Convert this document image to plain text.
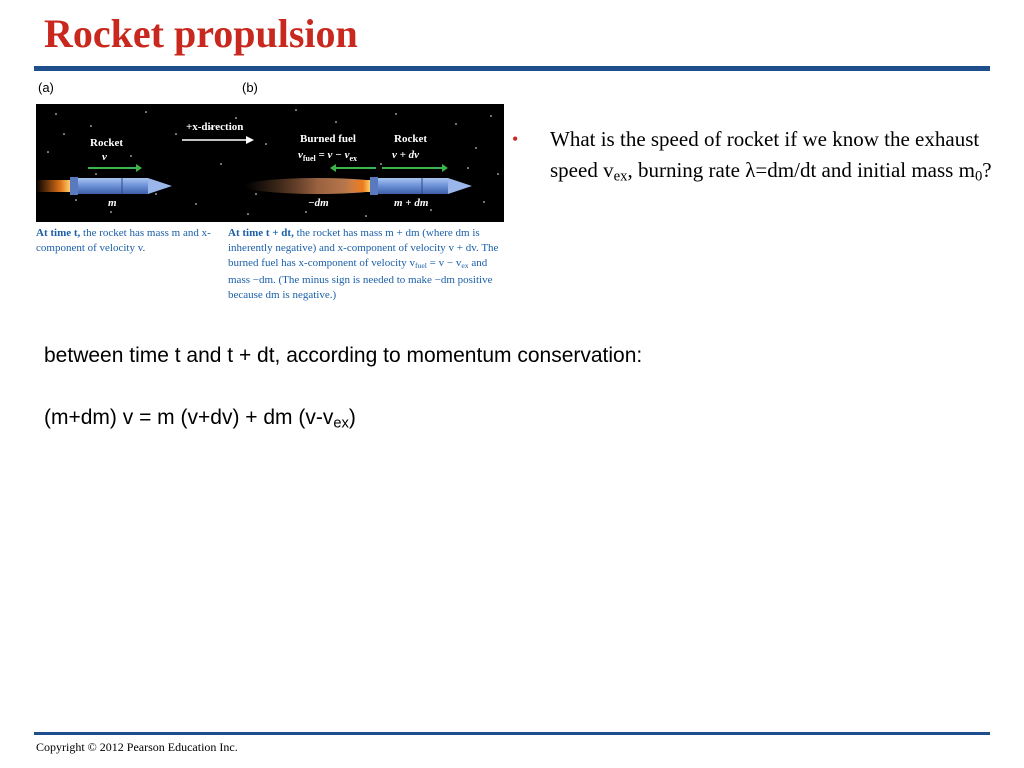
Rocket propulsion
(a)	(b)
Rocket
v
m
+x-direction
Burned fuel
$v_{fuel} = v - v_{ex}$
−dm
Rocket
v + dv
m + dm
At time t, the rocket has mass m and x-component of velocity v.
At time t + dt, the rocket has mass m + dm (where dm is inherently negative) and x-component of velocity v + dv. The burned fuel has x-component of velocity $v_{fuel} = v - v_{ex}$ and mass −dm. (The minus sign is needed to make −dm positive because dm is negative.)
• What is the speed of rocket if we know the exhaust speed $v_{ex}$, burning rate λ=dm/dt and initial mass $m_0$?
between time t and t + dt, according to momentum conservation:
(m+dm) v = m (v+dv) + dm $(v-v_{ex})$
Copyright © 2012 Pearson Education Inc.
